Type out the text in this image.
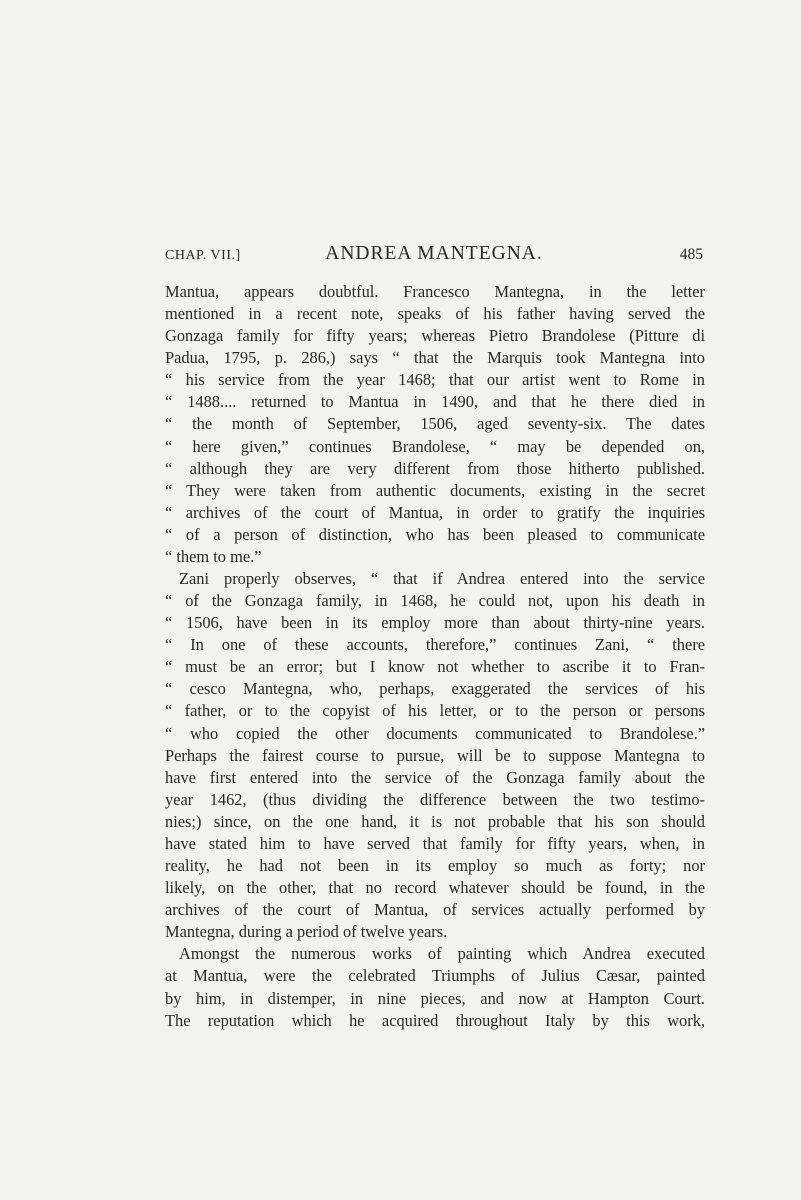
CHAP. VII.]	ANDREA MANTEGNA.	485
Mantua, appears doubtful. Francesco Mantegna, in the letter
mentioned in a recent note, speaks of his father having served the
Gonzaga family for fifty years; whereas Pietro Brandolese (Pitture di
Padua, 1795, p. 286,) says “ that the Marquis took Mantegna into
“ his service from the year 1468; that our artist went to Rome in
“ 1488.... returned to Mantua in 1490, and that he there died in
“ the month of September, 1506, aged seventy-six. The dates
“ here given,” continues Brandolese, “ may be depended on,
“ although they are very different from those hitherto published.
“ They were taken from authentic documents, existing in the secret
“ archives of the court of Mantua, in order to gratify the inquiries
“ of a person of distinction, who has been pleased to communicate
“ them to me.”
Zani properly observes, “ that if Andrea entered into the service
“ of the Gonzaga family, in 1468, he could not, upon his death in
“ 1506, have been in its employ more than about thirty-nine years.
“ In one of these accounts, therefore,” continues Zani, “ there
“ must be an error; but I know not whether to ascribe it to Fran-
“ cesco Mantegna, who, perhaps, exaggerated the services of his
“ father, or to the copyist of his letter, or to the person or persons
“ who copied the other documents communicated to Brandolese.”
Perhaps the fairest course to pursue, will be to suppose Mantegna to
have first entered into the service of the Gonzaga family about the
year 1462, (thus dividing the difference between the two testimo-
nies;) since, on the one hand, it is not probable that his son should
have stated him to have served that family for fifty years, when, in
reality, he had not been in its employ so much as forty; nor
likely, on the other, that no record whatever should be found, in the
archives of the court of Mantua, of services actually performed by
Mantegna, during a period of twelve years.
Amongst the numerous works of painting which Andrea executed
at Mantua, were the celebrated Triumphs of Julius Cæsar, painted
by him, in distemper, in nine pieces, and now at Hampton Court.
The reputation which he acquired throughout Italy by this work,
